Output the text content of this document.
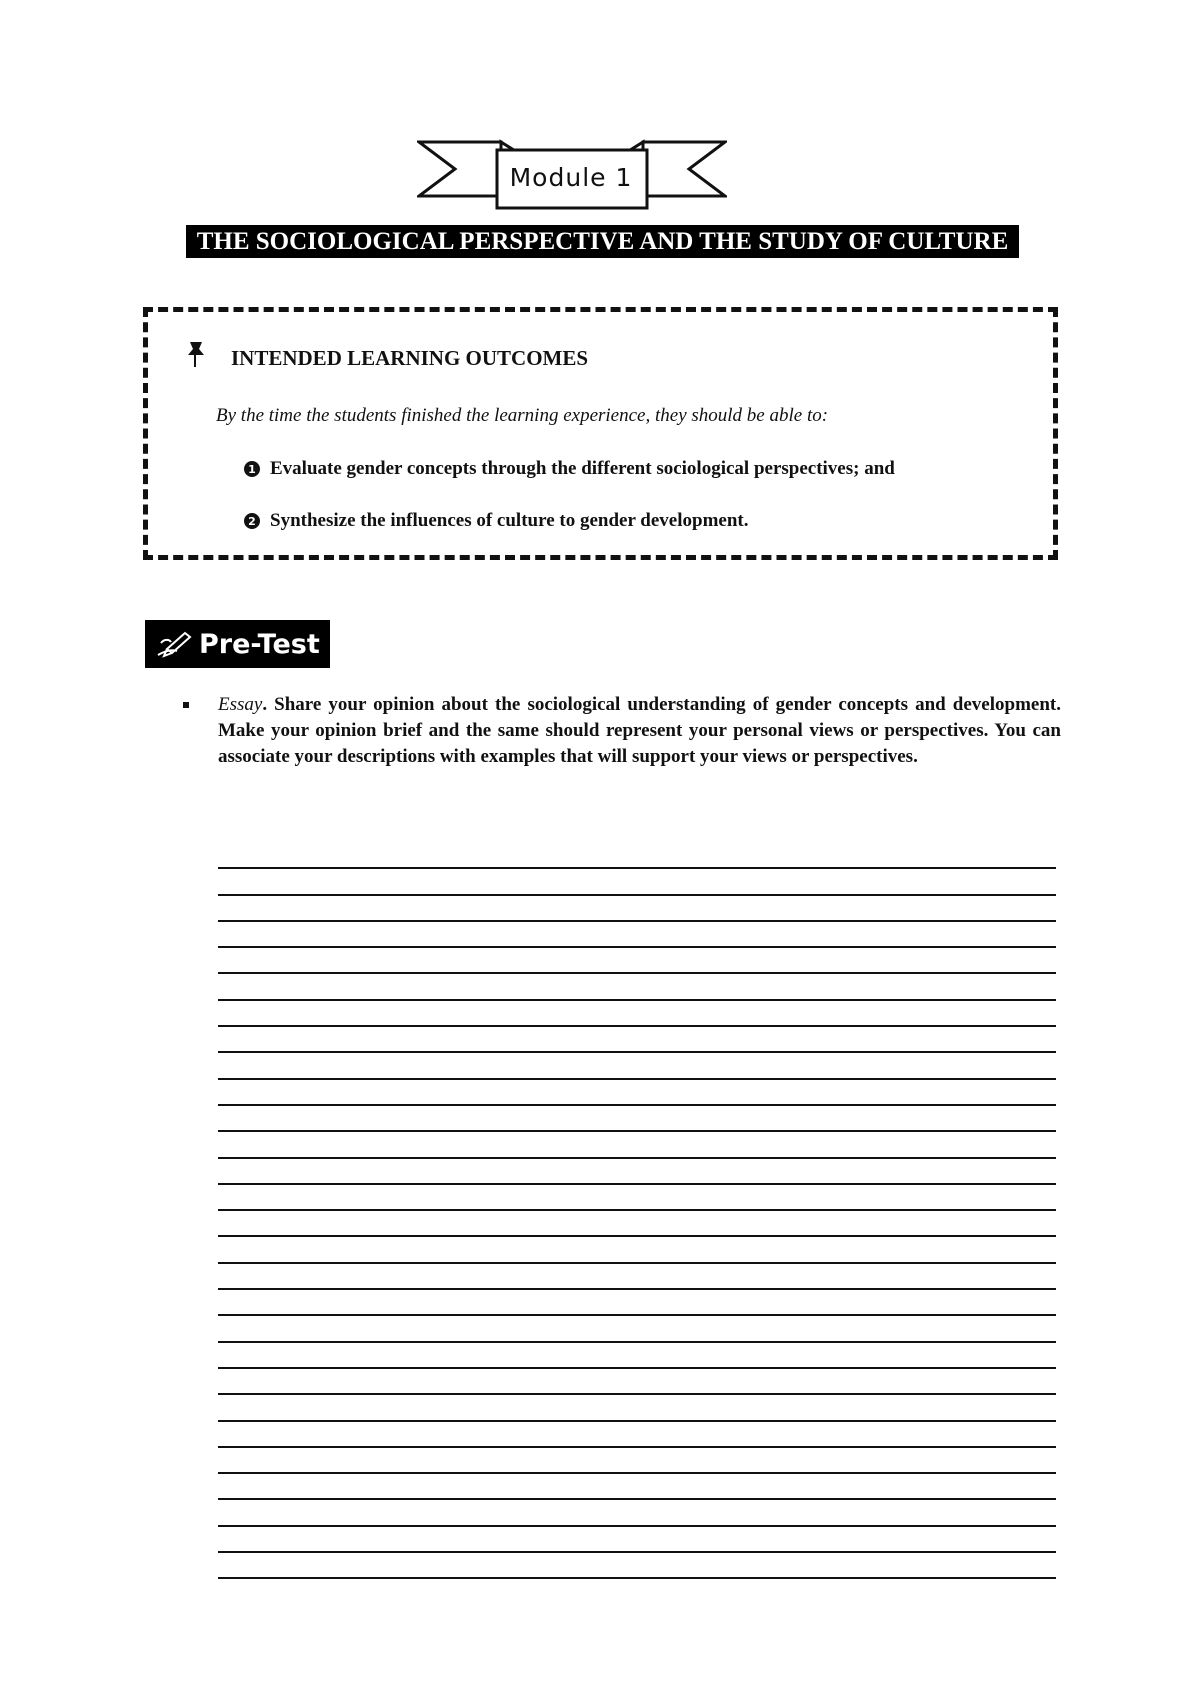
Module 1
THE SOCIOLOGICAL PERSPECTIVE AND THE STUDY OF CULTURE
INTENDED LEARNING OUTCOMES
By the time the students finished the learning experience, they should be able to:
1 Evaluate gender concepts through the different sociological perspectives; and
2 Synthesize the influences of culture to gender development.
Pre-Test
Essay. Share your opinion about the sociological understanding of gender concepts and development. Make your opinion brief and the same should represent your personal views or perspectives. You can associate your descriptions with examples that will support your views or perspectives.
